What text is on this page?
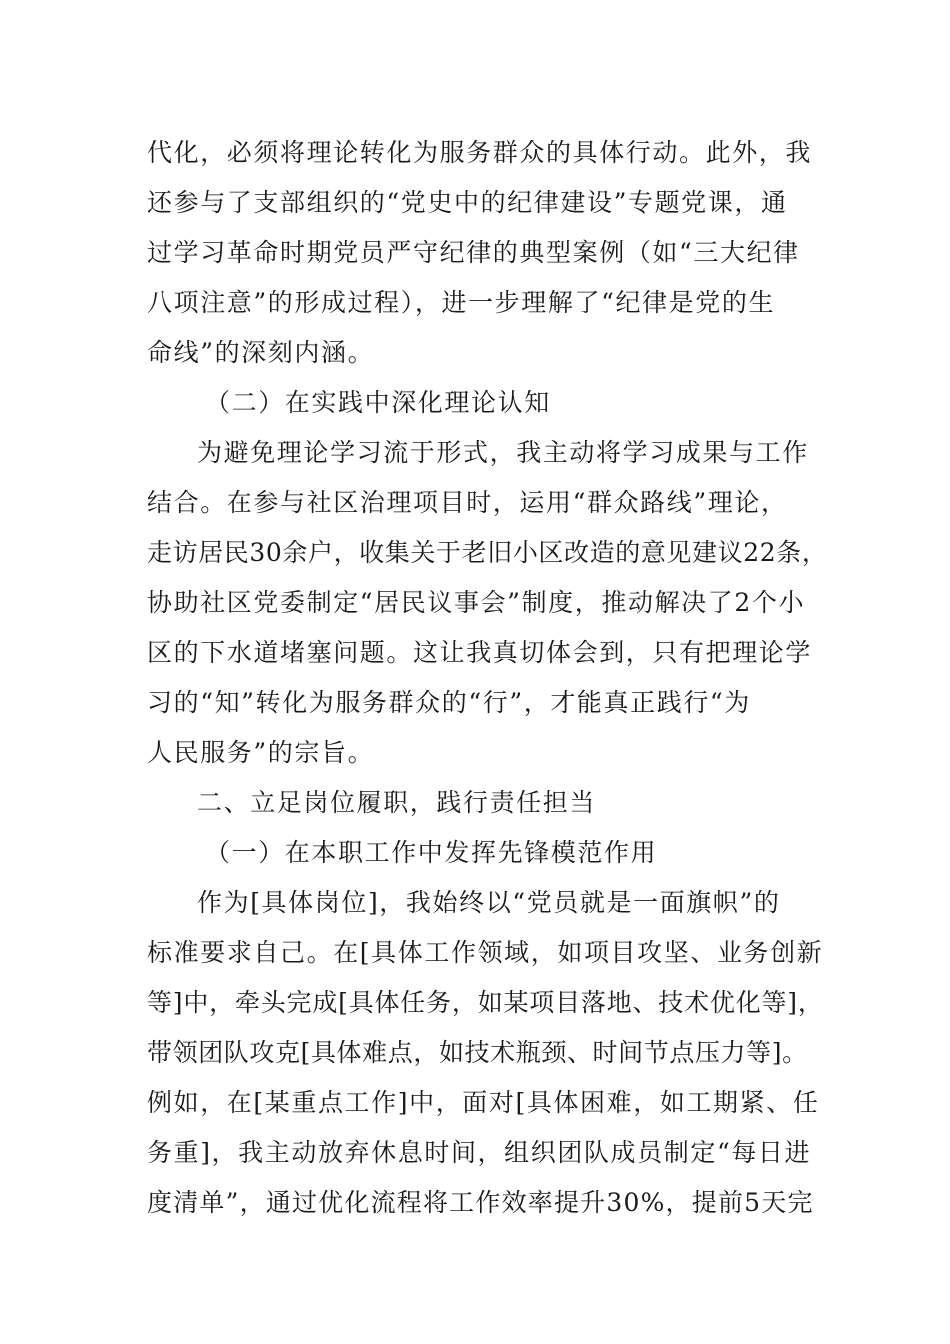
代化，必须将理论转化为服务群众的具体行动。此外，我
还参与了支部组织的“党史中的纪律建设”专题党课，通
过学习革命时期党员严守纪律的典型案例（如“三大纪律
八项注意”的形成过程），进一步理解了“纪律是党的生
命线”的深刻内涵。
（二）在实践中深化理论认知
为避免理论学习流于形式，我主动将学习成果与工作
结合。在参与社区治理项目时，运用“群众路线”理论，
走访居民30余户，收集关于老旧小区改造的意见建议22条，
协助社区党委制定“居民议事会”制度，推动解决了2个小
区的下水道堵塞问题。这让我真切体会到，只有把理论学
习的“知”转化为服务群众的“行”，才能真正践行“为
人民服务”的宗旨。
二、立足岗位履职，践行责任担当
（一）在本职工作中发挥先锋模范作用
作为[具体岗位]，我始终以“党员就是一面旗帜”的
标准要求自己。在[具体工作领域，如项目攻坚、业务创新
等]中，牵头完成[具体任务，如某项目落地、技术优化等]，
带领团队攻克[具体难点，如技术瓶颈、时间节点压力等]。
例如，在[某重点工作]中，面对[具体困难，如工期紧、任
务重]，我主动放弃休息时间，组织团队成员制定“每日进
度清单”，通过优化流程将工作效率提升30%，提前5天完
